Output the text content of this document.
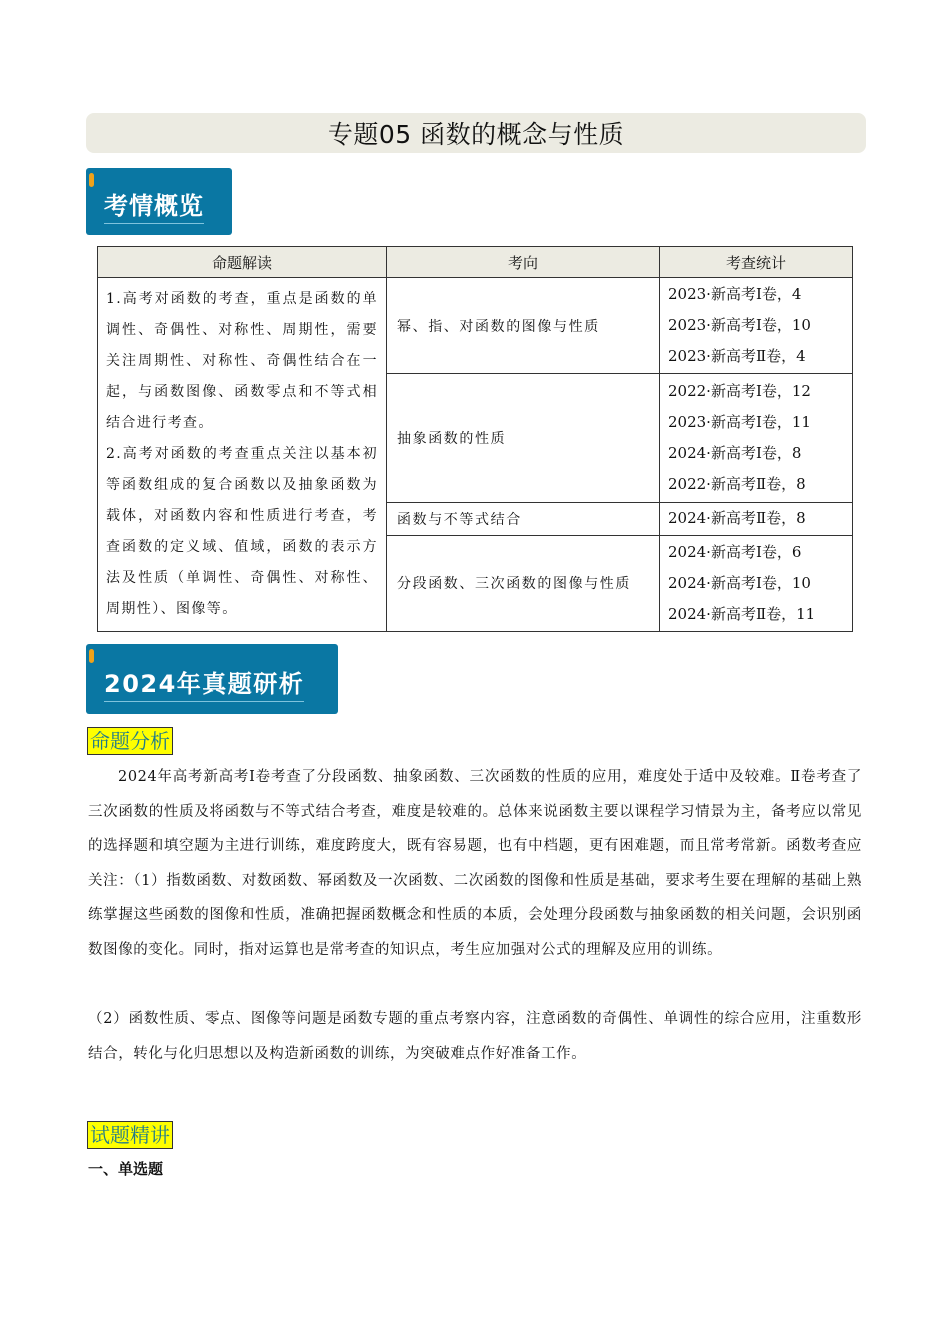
专题05 函数的概念与性质
考情概览
命题解读	考向	考查统计

1.高考对函数的考查，重点是函数的单调性、奇偶性、对称性、周期性，需要关注周期性、对称性、奇偶性结合在一起，与函数图像、函数零点和不等式相结合进行考查。
2.高考对函数的考查重点关注以基本初等函数组成的复合函数以及抽象函数为载体，对函数内容和性质进行考查，考查函数的定义域、值域，函数的表示方法及性质（单调性、奇偶性、对称性、周期性）、图像等。
	幂、指、对函数的图像与性质	
2023·新高考Ⅰ卷，4
2023·新高考Ⅰ卷，10
2023·新高考Ⅱ卷，4

	抽象函数的性质	2022·新高考Ⅰ卷，12
2023·新高考Ⅰ卷，11
2024·新高考Ⅰ卷，8
2022·新高考Ⅱ卷，8

	函数与不等式结合	2024·新高考Ⅱ卷，8

	分段函数、三次函数的图像与性质	2024·新高考Ⅰ卷，6
2024·新高考Ⅰ卷，10
2024·新高考Ⅱ卷，11
2024年真题研析
命题分析
2024年高考新高考Ⅰ卷考查了分段函数、抽象函数、三次函数的性质的应用，难度处于适中及较难。Ⅱ卷考查了三次函数的性质及将函数与不等式结合考查，难度是较难的。总体来说函数主要以课程学习情景为主，备考应以常见的选择题和填空题为主进行训练，难度跨度大，既有容易题，也有中档题，更有困难题，而且常考常新。函数考查应关注：（1）指数函数、对数函数、幂函数及一次函数、二次函数的图像和性质是基础，要求考生要在理解的基础上熟练掌握这些函数的图像和性质，准确把握函数概念和性质的本质，会处理分段函数与抽象函数的相关问题，会识别函数图像的变化。同时，指对运算也是常考查的知识点，考生应加强对公式的理解及应用的训练。
（2）函数性质、零点、图像等问题是函数专题的重点考察内容，注意函数的奇偶性、单调性的综合应用，注重数形结合，转化与化归思想以及构造新函数的训练，为突破难点作好准备工作。
试题精讲
一、单选题
